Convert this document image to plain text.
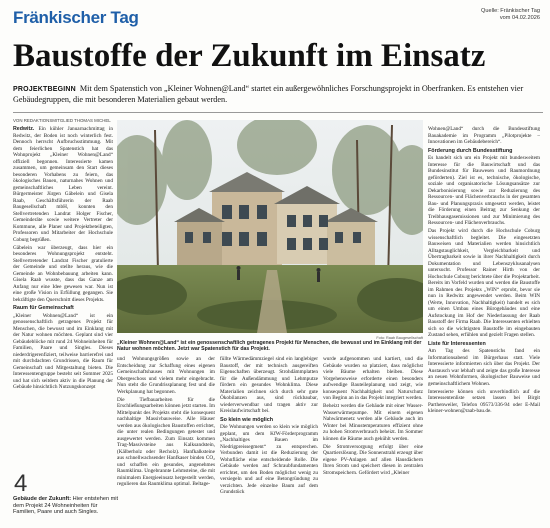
Fränkischer Tag	Quelle: Fränkischer Tag
vom 04.02.2026
Baustoffe der Zukunft im Einsatz
PROJEKTBEGINN Mit dem Spatenstich von „Kleiner Wohnen@Land“ startet ein außergewöhnliches Forschungsprojekt in Oberfranken. Es entstehen vier Gebäudegruppen, die mit besonderen Materialien gebaut werden.
VON REDAKTIONSMITGLIED THOMAS MICHEL

Redwitz. Ein kühler Januarnachmittag in Redwitz, der Boden ist noch winterlich fest. Dennoch herrscht Aufbruchsstimmung. Mit dem feierlichen Spatenstich hat das Wohnprojekt „Kleiner Wohnen@Land“ offiziell begonnen. Interessierte kamen zusammen, um gemeinsam den Start dieses besonderen Vorhabens zu feiern, das ökologisches Bauen, naturnahes Wohnen und gemeinschaftliches Leben vereint. Bürgermeister Jürgen Gäbelein und Gisela Raab, Geschäftsführerin der Raab Baugesellschaft mbH, konnten den Stellvertretenden Landrat Holger Fischer, Gemeinderäte sowie weitere Vertreter der Kommune, alle Planer und Projektbeteiligten, Professoren und Mitarbeiter der Hochschule Coburg begrüßen.

Gäbelein war überzeugt, dass hier ein besonderes Wohnungsprojekt entsteht. Stellvertretender Landrat Fischer gratulierte der Gemeinde und stellte heraus, wie die Gemeinde an Wohnbebauung arbeiten kann. Gisela Raab wusste, dass das Ganze am Anfang nur eine Idee gewesen war. Nun ist eine große Vision in Erfüllung gegangen. Sie bekräftigte den Querschnitt dieses Projekts.

Raum für Gemeinschaft

„Kleiner Wohnen@Land“ ist ein genossenschaftlich getragenes Projekt für Menschen, die bewusst und im Einklang mit der Natur wohnen möchten. Geplant sind vier Gebäudeblöcke mit rund 24 Wohneinheiten für Familien, Paare und Singles. Dieses niederdrigerenfiziert, teilweise barrierefrei und mit durchdachten Grundrissen, die Raum für Gemeinschaft und Mitgestaltung bieten. Die Interessentengruppe besteht seit Sommer 2025 und hat sich seitdem aktiv in die Planung der Gebäude hinsichtlich Nutzungskonzept

Foto: Raab Baugesellschaft
„Kleiner Wohnen@Land“ ist ein genossenschaftlich getragenes Projekt für Menschen, die bewusst und im Einklang mit der Natur wohnen möchten. Jetzt war Spatenstich für das Projekt.

und Wohnungsgrößen sowie an der Entscheidung zur Schaffung eines eigenen Gemeinschaftshauses mit Wohnungen im Obergeschoss und vielem mehr eingebracht. Nun steht die Grundrissplanung fest und die Werkplanung hat begonnen.

Die Tiefbauarbeiten für die Erschließungsarbeiten können jetzt starten. Im Mittelpunkt des Projekts steht die konsequent nachhaltige Massivbauweise. Alle Häuser werden aus ökologischen Baustoffen errichtet, die unter realen Bedingungen getestet und ausgewertet werden. Zum Einsatz kommen Trag-Massivsteine aus Kalksandstein, (Kälberholz oder Recholz). Hanfkalksteine aus schnellwachsender Hanfkaser binden CO₂ und schaffen ein gesundes, angenehmes Raumklima. Ungebrannte Lehmsteine, die mit minimalem Energieeinsatz hergestellt werden, regulieren das Raumklima optimal. Beltage-

füllte Wärmedämmziegel sind ein langlebiger Baustoff, der mit technisch ausgereiften Eigenschaften überzeugt. Strohdämmplatten für die Außendämmung und Lehmputze fördern ein gesundes Wohnklima. Diese Materialien zeichnen sich durch sehr gute Ökobilanzen aus, sind rückbaubar, wiederverwendbar und tragen aktiv zur Kreislaufwirtschaft bei.

So klein wie möglich

Die Wohnungen werden so klein wie möglich geplant, um dem KfW-Förderprogramm „Nachhaltiges Bauen im Niedrigpreissegment“ zu entsprechen. Verbunden damit ist die Reduzierung der Wohnfläche eine entscheidende Rolle. Die Gebäude werden auf Schraubfundamenten errichtet, um den Boden möglichst wenig zu versiegeln und auf eine Betongründung zu verzichten. Jede einzelne Baum auf dem Grundstück

wurde aufgenommen und kartiert, und die Gebäude wurden so platziert, dass möglichst viele Bäume erhalten bleiben. Diese Vorgehensweise erforderte einen besonders aufwendige Bauteileplanung und zeigt, wie konsequent Nachhaltigkeit und Naturschutz von Beginn an in das Projekt integriert werden.

Beheizt werden die Gebäude mit einer Wasser-Wasserwärmepumpe. Mit einem eigenen Nahwärmenetz werden alle Gebäude auch im Winter bei Minustemperaturen effizient ohne zu hohen Stromverbrauch beheizt. Im Sommer können die Räume auch gekühlt werden.

Die Stromversorgung erfolgt über eine Quartierslösung. Die Sonnenstrahl erzeugt über eigene PV-Anlagen auf allen Hausdächern Ihren Strom und speichert diesen in zentralen Stromspeichern. Gefördert wird „Kleiner

Wohnen@Land“ durch die Bundesstiftung Bauakademie im Programm „Pilotprojekte – Innovationen im Gebäudebereich“.

Förderung durch Bundesstiftung

Es handelt sich um ein Projekt mit bundesweitem Interesse für die Bauwirtschaft und das Bundesinstitut für Bauwesen und Raumordnung geförderten). Ziel ist es, technische, ökologische, soziale und organisatorische Lösungsansätze zur Dekarbonisierung sowie zur Reduzierung des Ressourcen- und Flächenverbrauchs in der gesamten Bau- und Planungspraxis umgesetzt werden, leistet die Förderung einen Beitrag zur Senkung der Treibhausgasemissionen und zur Minimierung des Ressourcen- und Flächenverbrauchs.

Das Projekt wird durch die Hochschule Coburg wissenschaftlich begleitet. Die eingesetzten Bauweisen und Materialien werden hinsichtlich Alltagstauglichkeit, Vergleichbarkeit und Übertragbarkeit sowie in ihrer Nachhaltigkeit durch Dokumentation und Lebenszyklusanalysen untersucht. Professor Rainer Hirth von der Hochschule Coburg berichtete über die Projektarbeit. Bereits im Vorfeld wurden und werden die Baustoffe im Rahmen des Projekts „WIN“ erprobt, bevor sie nun in Redwitz angewendet werden. Beim WIN (Werte, Innovation, Nachhaltigkeit) handelt es sich um einen Umbau eines Bürogebäudes und eine Aufstockung im Hof der Niederlassung der Raab Baustoff der Firma Raab. Die Interessenten erhielten sich so die wichtigsten Baustoffe im eingebauten Zustand sehen, erfühlen und gezielt Fragen stellen.

Liste für Interessenten

Am Tag des Spatenstichs fand ein Informationsabend im Bürgerhaus statt. Viele Interessierte informierten sich über das Projekt. Der Austausch war lebhaft und zeigte das große Interesse an neuen Wohnformen, ökologischer Bauweise und gemeinschaftlichem Wohnen.

Interessierte können sich unverbindlich auf die Interessentenliste setzen lassen bei Birgit Parthenweiler, Telefon 09573/336-94 oder E-Mail kleiner-wohnen@raab-bau.de.

4
Gebäude der Zukunft: Hier entstehen mit dem Projekt 24 Wohneinheiten für Familien, Paare und auch Singles.
